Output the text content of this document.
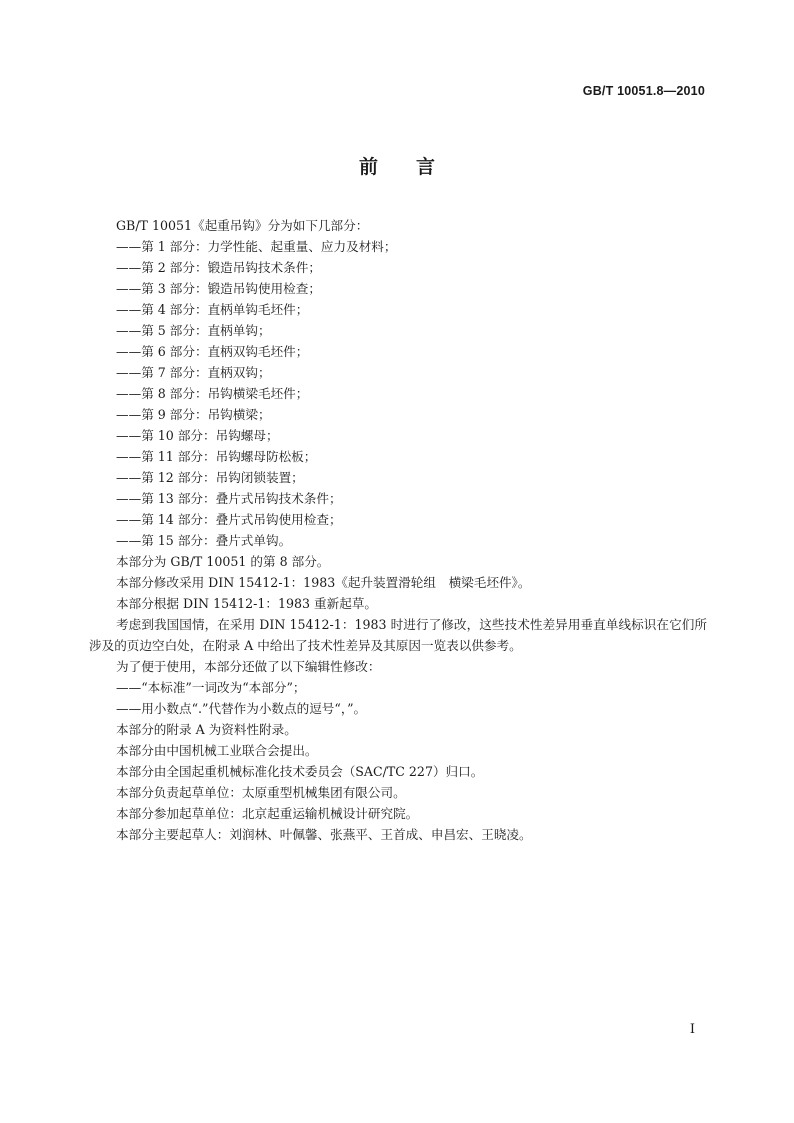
GB/T 10051.8—2010
前 言

GB/T 10051《起重吊钩》分为如下几部分：

——第 1 部分：力学性能、起重量、应力及材料；

——第 2 部分：锻造吊钩技术条件；

——第 3 部分：锻造吊钩使用检查；

——第 4 部分：直柄单钩毛坯件；

——第 5 部分：直柄单钩；

——第 6 部分：直柄双钩毛坯件；

——第 7 部分：直柄双钩；

——第 8 部分：吊钩横梁毛坯件；

——第 9 部分：吊钩横梁；

——第 10 部分：吊钩螺母；

——第 11 部分：吊钩螺母防松板；

——第 12 部分：吊钩闭锁装置；

——第 13 部分：叠片式吊钩技术条件；

——第 14 部分：叠片式吊钩使用检查；

——第 15 部分：叠片式单钩。

本部分为 GB/T 10051 的第 8 部分。

本部分修改采用 DIN 15412-1：1983《起升装置滑轮组　横梁毛坯件》。

本部分根据 DIN 15412-1：1983 重新起草。

考虑到我国国情，在采用 DIN 15412-1：1983 时进行了修改，这些技术性差异用垂直单线标识在它们所涉及的页边空白处，在附录 A 中给出了技术性差异及其原因一览表以供参考。

为了便于使用，本部分还做了以下编辑性修改：

——“本标准”一词改为“本部分”；

——用小数点“.”代替作为小数点的逗号“，”。

本部分的附录 A 为资料性附录。

本部分由中国机械工业联合会提出。

本部分由全国起重机械标准化技术委员会（SAC/TC 227）归口。

本部分负责起草单位：太原重型机械集团有限公司。

本部分参加起草单位：北京起重运输机械设计研究院。

本部分主要起草人：刘润林、叶佩馨、张燕平、王首成、申昌宏、王晓凌。

I
